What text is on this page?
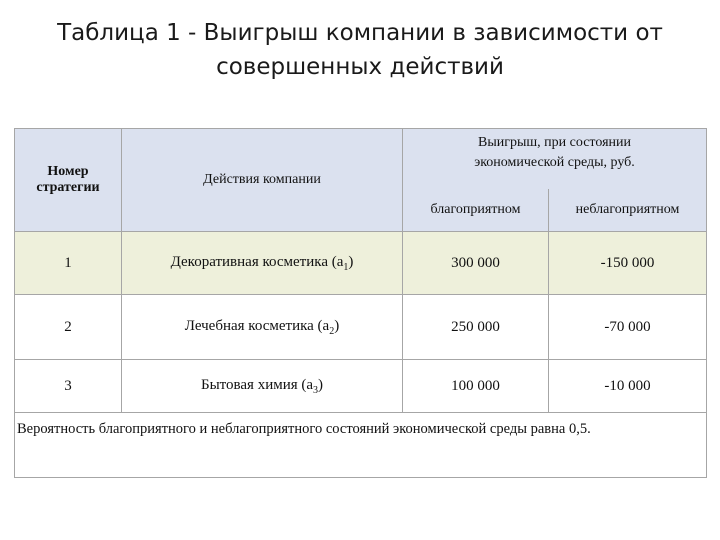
Таблица 1 - Выигрыш компании в зависимости от
совершенных действий
Номер стратегии	Действия компании	Выигрыш, при состоянии экономической среды, руб.	
		благоприятном	неблагоприятном
1	Декоративная косметика $(а_1)$	300 000	-150 000
2	Лечебная косметика $(а_2)$	250 000	-70 000
3	Бытовая химия $(а_3)$	100 000	-10 000
Вероятность благоприятного и неблагоприятного состояний экономической среды равна 0,5.			
